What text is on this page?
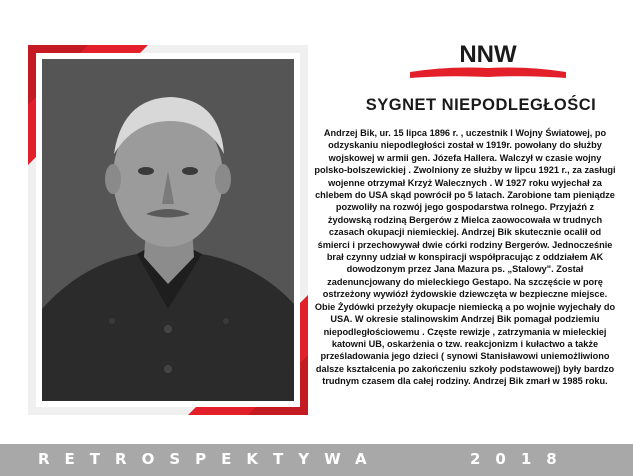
NNW
SYGNET NIEPODLEGŁOŚCI
Andrzej Bik, ur. 15 lipca 1896 r. , uczestnik I Wojny Światowej, po odzyskaniu niepodległości został w 1919r. powołany do służby wojskowej w armii gen. Józefa Hallera. Walczył w czasie wojny polsko-bolszewickiej . Zwolniony ze służby w lipcu 1921 r., za zasługi wojenne otrzymał Krzyż Walecznych . W 1927 roku wyjechał za chlebem do USA skąd powrócił po 5 latach. Zarobione tam pieniądze pozwoliły na rozwój jego gospodarstwa rolnego. Przyjaźń z żydowską rodziną Bergerów z Mielca zaowocowała w trudnych czasach okupacji niemieckiej. Andrzej Bik skutecznie ocalił od śmierci i przechowywał dwie córki rodziny Bergerów. Jednocześnie brał czynny udział w konspiracji współpracując z oddziałem AK dowodzonym przez Jana Mazura ps. „Stalowy". Został zadenuncjowany do mieleckiego Gestapo. Na szczęście w porę ostrzeżony wywiózł żydowskie dziewczęta w bezpieczne miejsce. Obie Żydówki przeżyły okupacje niemiecką a po wojnie wyjechały do USA. W okresie stalinowskim Andrzej Bik pomagał podziemiu niepodległościowemu . Częste rewizje , zatrzymania w mieleckiej katowni UB, oskarżenia o tzw. reakcjonizm i kułactwo a także prześladowania jego dzieci ( synowi Stanisławowi uniemożliwiono dalsze kształcenia po zakończeniu szkoły podstawowej) były bardzo trudnym czasem dla całej rodziny. Andrzej Bik zmarł w 1985 roku.
RETROSPEKTYWA	2018
